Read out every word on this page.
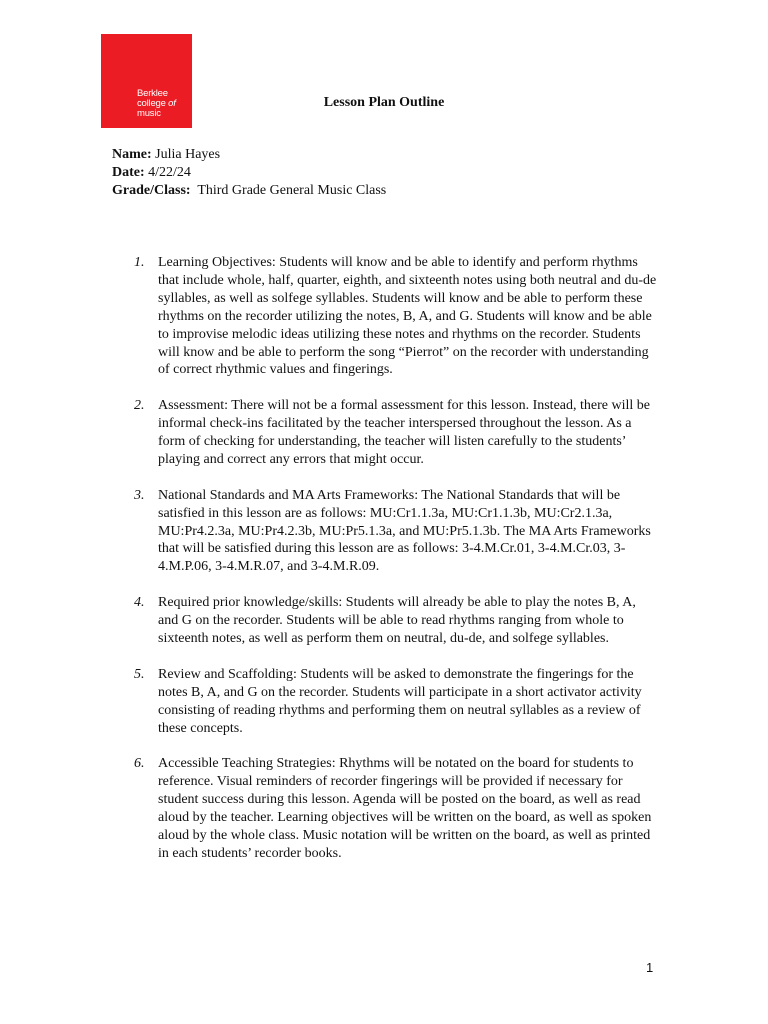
Berklee
college of
music
Lesson Plan Outline
Name: Julia Hayes
Date: 4/22/24
Grade/Class: Third Grade General Music Class
1. Learning Objectives: Students will know and be able to identify and perform rhythms that include whole, half, quarter, eighth, and sixteenth notes using both neutral and du-de syllables, as well as solfege syllables. Students will know and be able to perform these rhythms on the recorder utilizing the notes, B, A, and G. Students will know and be able to improvise melodic ideas utilizing these notes and rhythms on the recorder. Students will know and be able to perform the song “Pierrot” on the recorder with understanding of correct rhythmic values and fingerings.
2. Assessment: There will not be a formal assessment for this lesson. Instead, there will be informal check-ins facilitated by the teacher interspersed throughout the lesson. As a form of checking for understanding, the teacher will listen carefully to the students’ playing and correct any errors that might occur.
3. National Standards and MA Arts Frameworks: The National Standards that will be satisfied in this lesson are as follows: MU:Cr1.1.3a, MU:Cr1.1.3b, MU:Cr2.1.3a, MU:Pr4.2.3a, MU:Pr4.2.3b, MU:Pr5.1.3a, and MU:Pr5.1.3b. The MA Arts Frameworks that will be satisfied during this lesson are as follows: 3-4.M.Cr.01, 3-4.M.Cr.03, 3-4.M.P.06, 3-4.M.R.07, and 3-4.M.R.09.
4. Required prior knowledge/skills: Students will already be able to play the notes B, A, and G on the recorder. Students will be able to read rhythms ranging from whole to sixteenth notes, as well as perform them on neutral, du-de, and solfege syllables.
5. Review and Scaffolding: Students will be asked to demonstrate the fingerings for the notes B, A, and G on the recorder. Students will participate in a short activator activity consisting of reading rhythms and performing them on neutral syllables as a review of these concepts.
6. Accessible Teaching Strategies: Rhythms will be notated on the board for students to reference. Visual reminders of recorder fingerings will be provided if necessary for student success during this lesson. Agenda will be posted on the board, as well as read aloud by the teacher. Learning objectives will be written on the board, as well as spoken aloud by the whole class. Music notation will be written on the board, as well as printed in each students’ recorder books.
1
